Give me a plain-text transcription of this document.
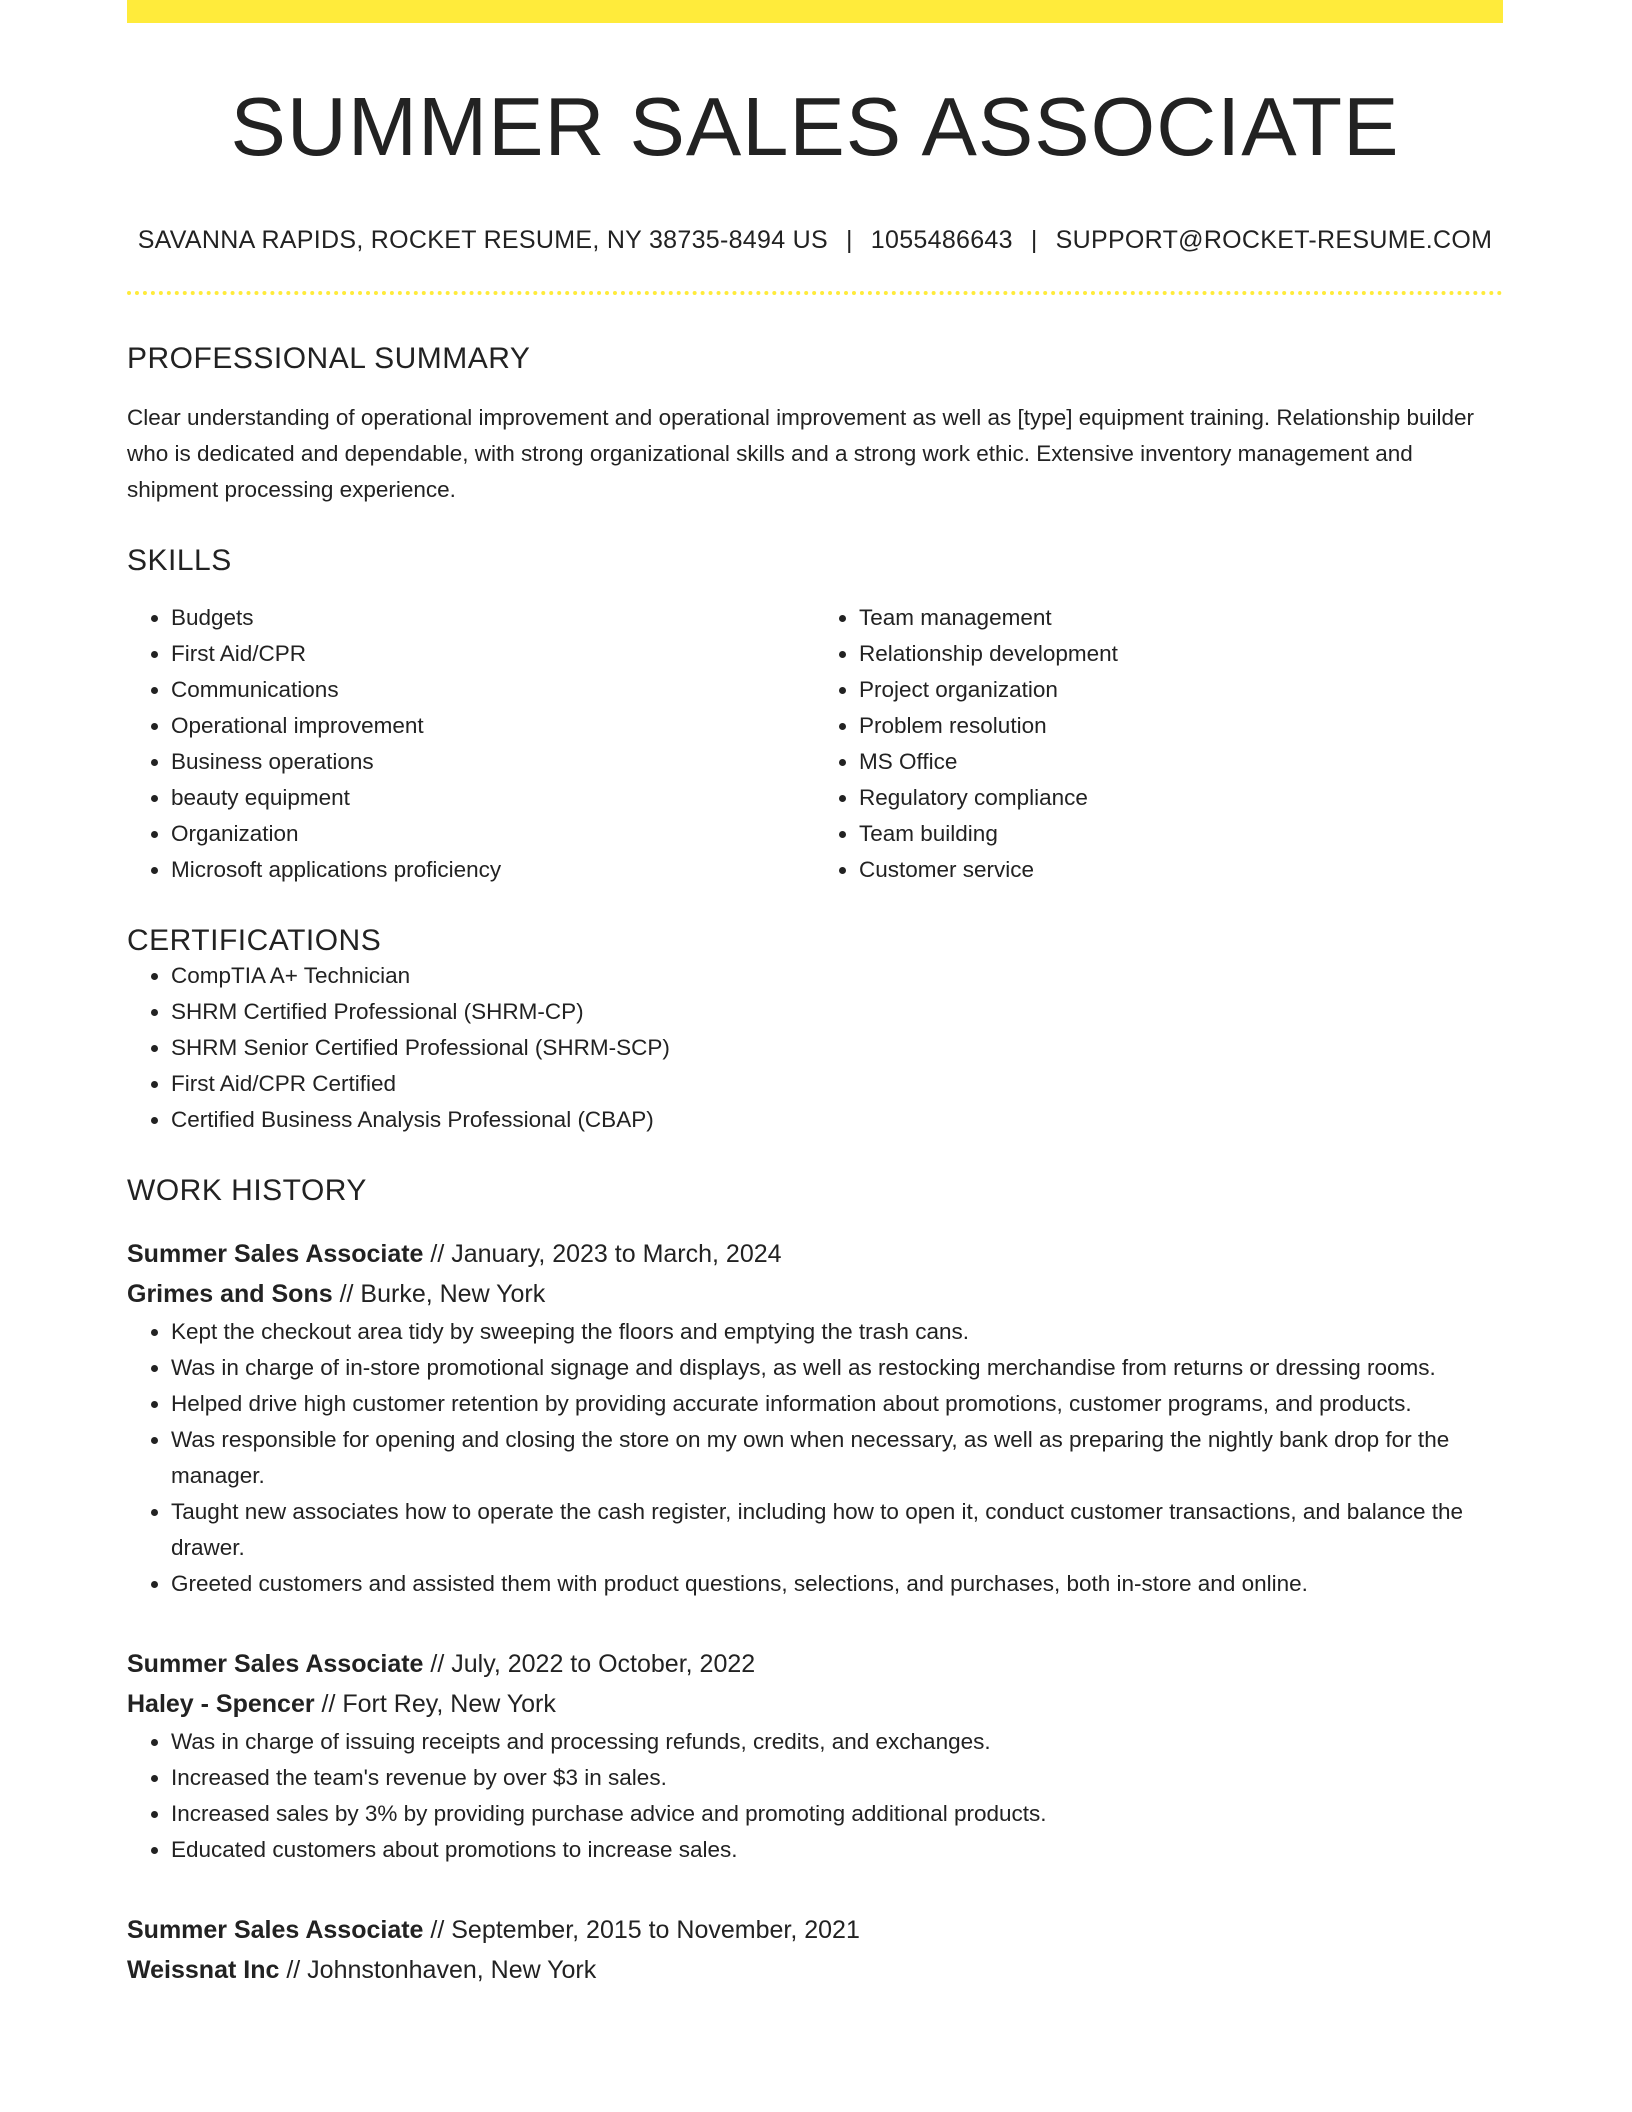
SUMMER SALES ASSOCIATE
SAVANNA RAPIDS, ROCKET RESUME, NY 38735-8494 US | 1055486643 | SUPPORT@ROCKET-RESUME.COM
PROFESSIONAL SUMMARY

Clear understanding of operational improvement and operational improvement as well as [type] equipment training. Relationship builder who is dedicated and dependable, with strong organizational skills and a strong work ethic. Extensive inventory management and shipment processing experience.

SKILLS
• Budgets
• First Aid/CPR
• Communications
• Operational improvement
• Business operations
• beauty equipment
• Organization
• Microsoft applications proficiency
• Team management
• Relationship development
• Project organization
• Problem resolution
• MS Office
• Regulatory compliance
• Team building
• Customer service
CERTIFICATIONS
• CompTIA A+ Technician
• SHRM Certified Professional (SHRM-CP)
• SHRM Senior Certified Professional (SHRM-SCP)
• First Aid/CPR Certified
• Certified Business Analysis Professional (CBAP)
WORK HISTORY
Summer Sales Associate // January, 2023 to March, 2024
Grimes and Sons // Burke, New York
• Kept the checkout area tidy by sweeping the floors and emptying the trash cans.
• Was in charge of in-store promotional signage and displays, as well as restocking merchandise from returns or dressing rooms.
• Helped drive high customer retention by providing accurate information about promotions, customer programs, and products.
• Was responsible for opening and closing the store on my own when necessary, as well as preparing the nightly bank drop for the manager.
• Taught new associates how to operate the cash register, including how to open it, conduct customer transactions, and balance the drawer.
• Greeted customers and assisted them with product questions, selections, and purchases, both in-store and online.
Summer Sales Associate // July, 2022 to October, 2022
Haley - Spencer // Fort Rey, New York
• Was in charge of issuing receipts and processing refunds, credits, and exchanges.
• Increased the team's revenue by over $3 in sales.
• Increased sales by 3% by providing purchase advice and promoting additional products.
• Educated customers about promotions to increase sales.
Summer Sales Associate // September, 2015 to November, 2021
Weissnat Inc // Johnstonhaven, New York
